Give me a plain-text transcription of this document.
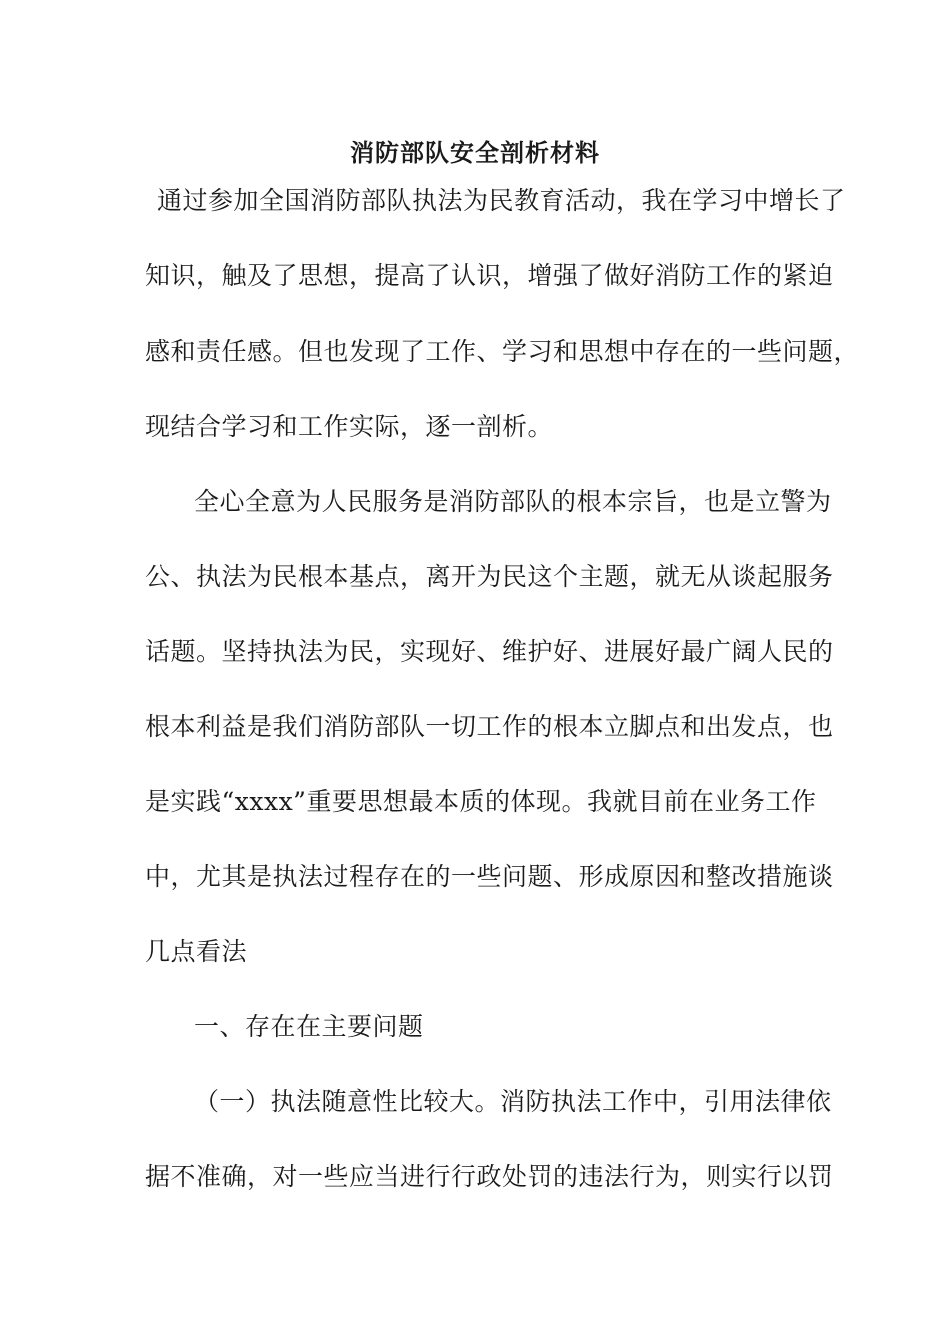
消防部队安全剖析材料
通过参加全国消防部队执法为民教育活动，我在学习中增长了
知识，触及了思想，提高了认识，增强了做好消防工作的紧迫
感和责任感。但也发现了工作、学习和思想中存在的一些问题，
现结合学习和工作实际，逐一剖析。
全心全意为人民服务是消防部队的根本宗旨，也是立警为
公、执法为民根本基点，离开为民这个主题，就无从谈起服务
话题。坚持执法为民，实现好、维护好、进展好最广阔人民的
根本利益是我们消防部队一切工作的根本立脚点和出发点，也
是实践“xxxx”重要思想最本质的体现。我就目前在业务工作
中，尤其是执法过程存在的一些问题、形成原因和整改措施谈
几点看法
一、存在在主要问题
（一）执法随意性比较大。消防执法工作中，引用法律依
据不准确，对一些应当进行行政处罚的违法行为，则实行以罚
